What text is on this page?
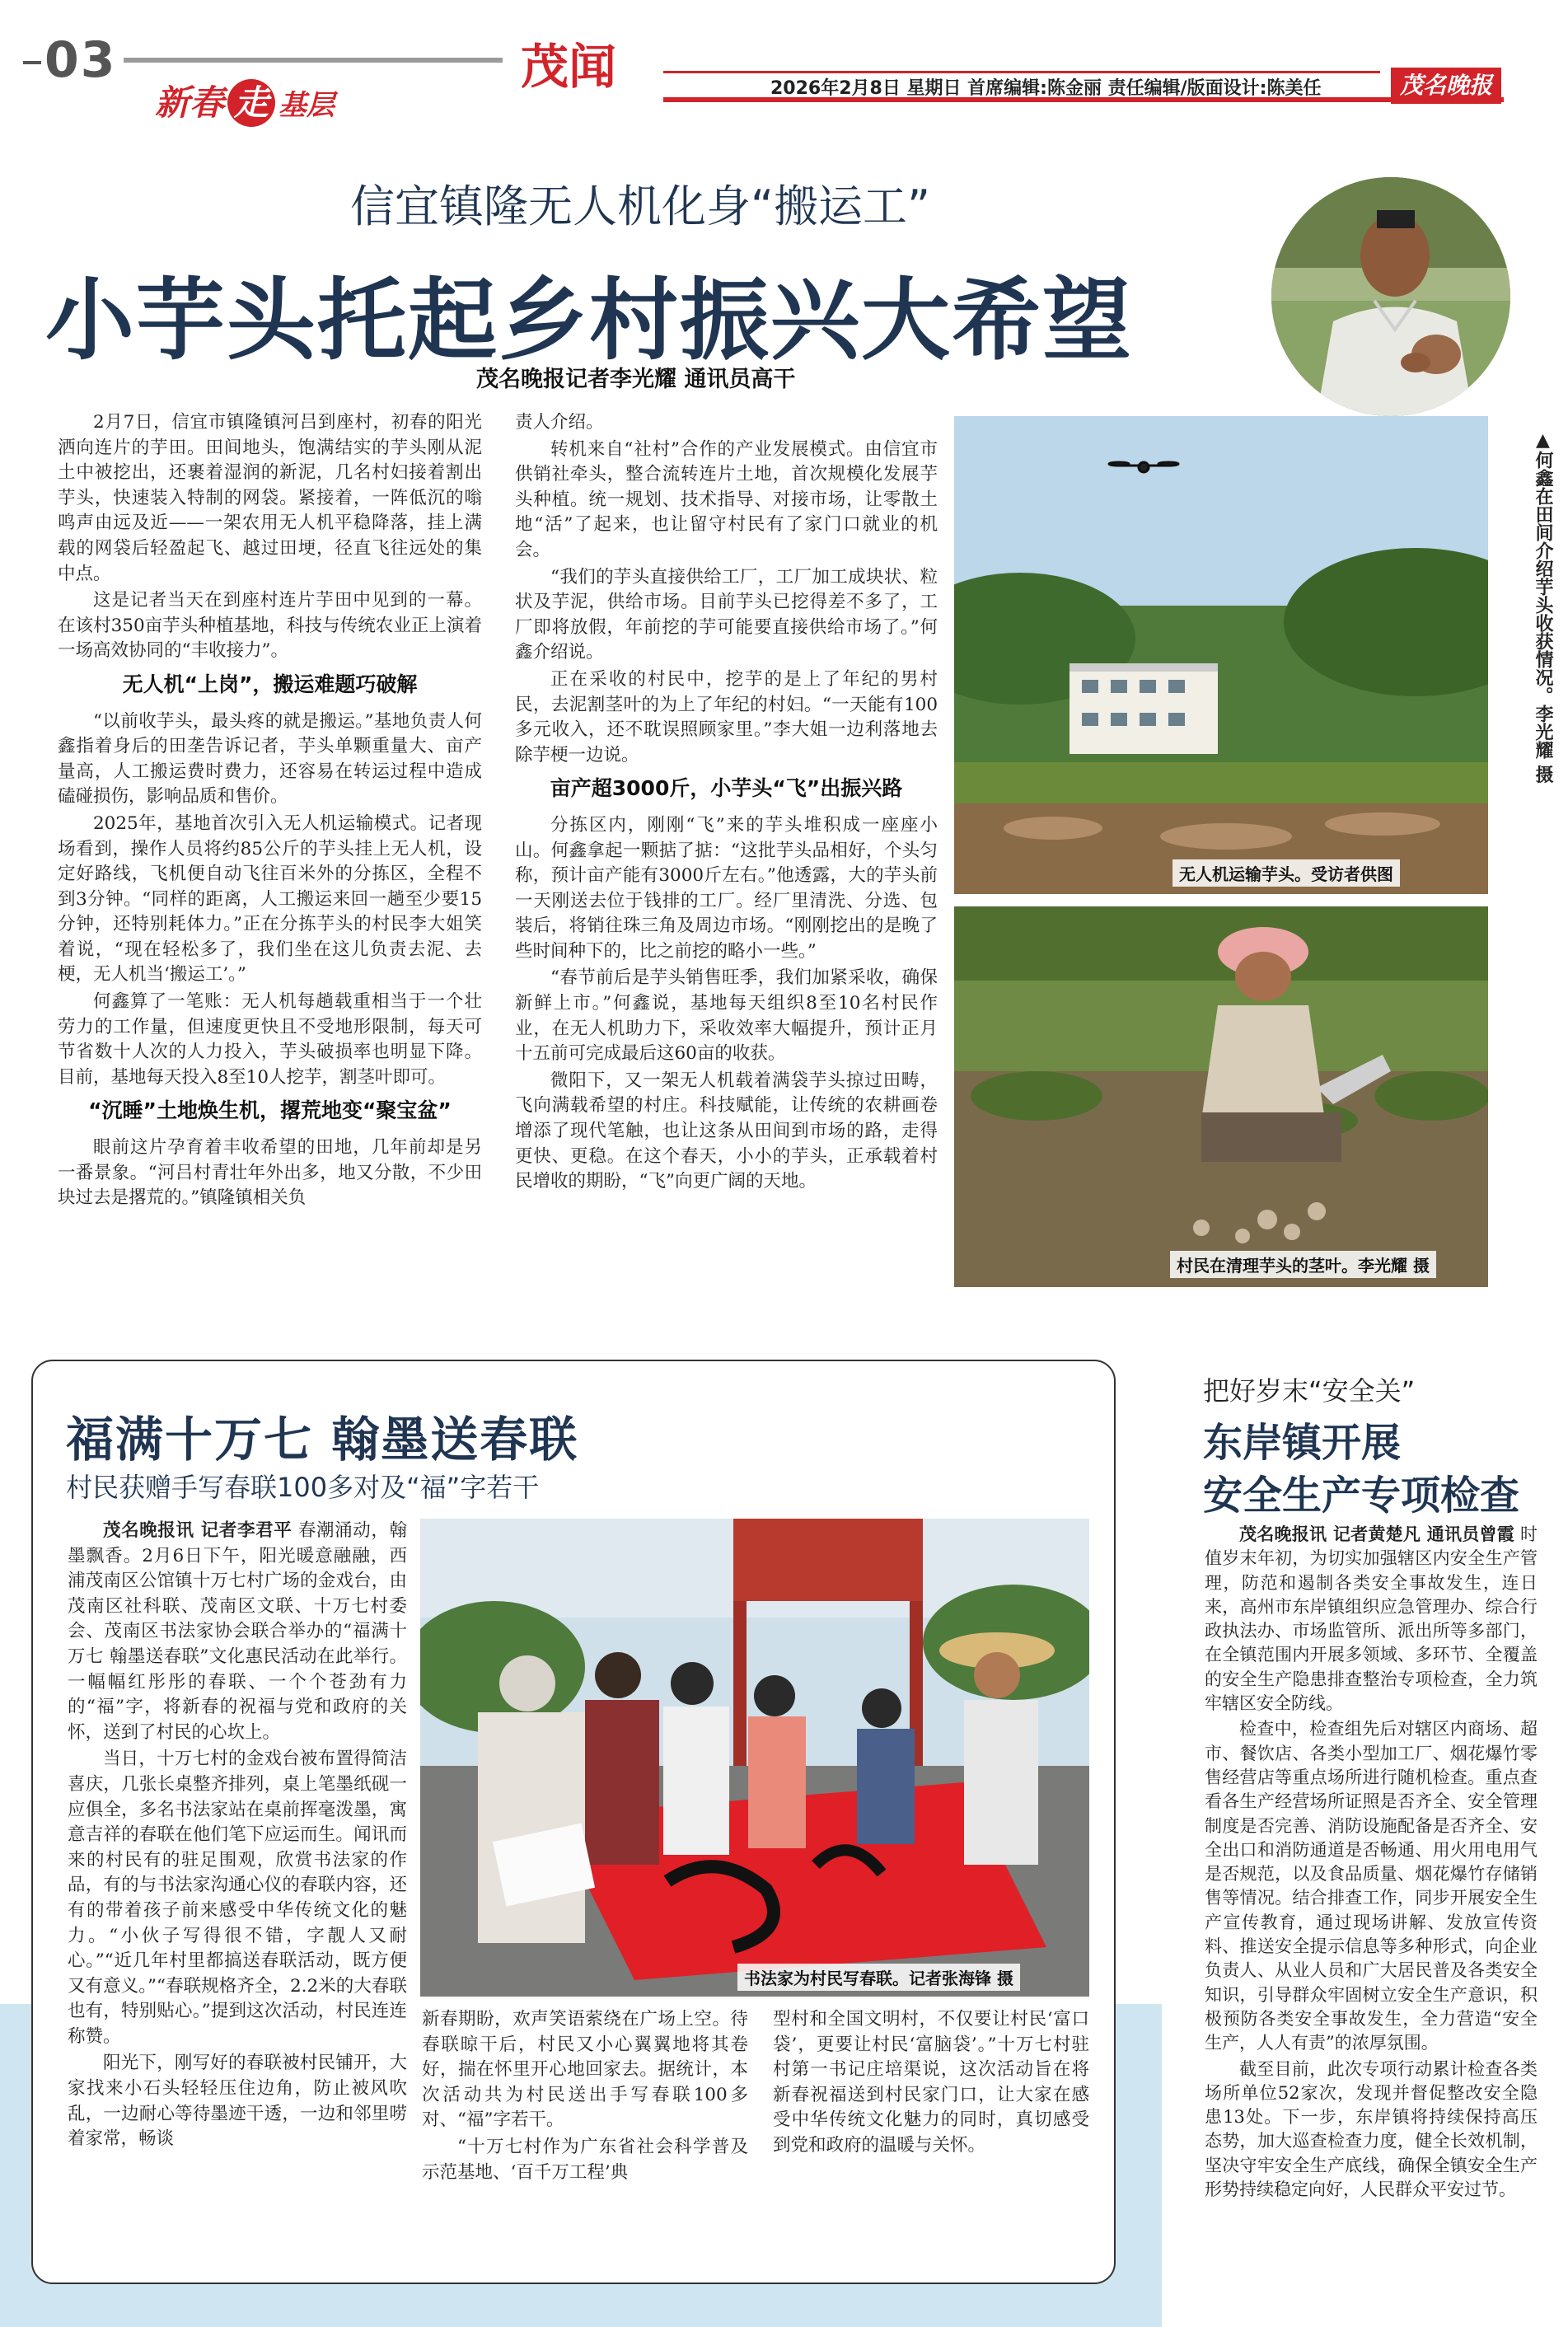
03
新春 走 基层
茂闻	2026年2月8日 星期日 首席编辑:陈金丽 责任编辑/版面设计:陈美任	茂名晚报
信宜镇隆无人机化身“搬运工”
小芋头托起乡村振兴大希望
茂名晚报记者李光耀 通讯员高干
▲何鑫在田间介绍芋头收获情况。李光耀 摄

2月7日，信宜市镇隆镇河吕到座村，初春的阳光洒向连片的芋田。田间地头，饱满结实的芋头刚从泥土中被挖出，还裹着湿润的新泥，几名村妇接着割出芋头，快速装入特制的网袋。紧接着，一阵低沉的嗡鸣声由远及近——一架农用无人机平稳降落，挂上满载的网袋后轻盈起飞、越过田埂，径直飞往远处的集中点。

这是记者当天在到座村连片芋田中见到的一幕。在该村350亩芋头种植基地，科技与传统农业正上演着一场高效协同的“丰收接力”。

无人机“上岗”，搬运难题巧破解

“以前收芋头，最头疼的就是搬运。”基地负责人何鑫指着身后的田垄告诉记者，芋头单颗重量大、亩产量高，人工搬运费时费力，还容易在转运过程中造成磕碰损伤，影响品质和售价。

2025年，基地首次引入无人机运输模式。记者现场看到，操作人员将约85公斤的芋头挂上无人机，设定好路线，飞机便自动飞往百米外的分拣区，全程不到3分钟。“同样的距离，人工搬运来回一趟至少要15分钟，还特别耗体力。”正在分拣芋头的村民李大姐笑着说，“现在轻松多了，我们坐在这儿负责去泥、去梗，无人机当‘搬运工’。”

何鑫算了一笔账：无人机每趟载重相当于一个壮劳力的工作量，但速度更快且不受地形限制，每天可节省数十人次的人力投入，芋头破损率也明显下降。目前，基地每天投入8至10人挖芋，割茎叶即可。

“沉睡”土地焕生机，撂荒地变“聚宝盆”

眼前这片孕育着丰收希望的田地，几年前却是另一番景象。“河吕村青壮年外出多，地又分散，不少田块过去是撂荒的。”镇隆镇相关负

责人介绍。

转机来自“社村”合作的产业发展模式。由信宜市供销社牵头，整合流转连片土地，首次规模化发展芋头种植。统一规划、技术指导、对接市场，让零散土地“活”了起来，也让留守村民有了家门口就业的机会。

“我们的芋头直接供给工厂，工厂加工成块状、粒状及芋泥，供给市场。目前芋头已挖得差不多了，工厂即将放假，年前挖的芋可能要直接供给市场了。”何鑫介绍说。

正在采收的村民中，挖芋的是上了年纪的男村民，去泥割茎叶的为上了年纪的村妇。“一天能有100多元收入，还不耽误照顾家里。”李大姐一边利落地去除芋梗一边说。

亩产超3000斤，小芋头“飞”出振兴路

分拣区内，刚刚“飞”来的芋头堆积成一座座小山。何鑫拿起一颗掂了掂：“这批芋头品相好，个头匀称，预计亩产能有3000斤左右。”他透露，大的芋头前一天刚送去位于钱排的工厂。经厂里清洗、分选、包装后，将销往珠三角及周边市场。“刚刚挖出的是晚了些时间种下的，比之前挖的略小一些。”

“春节前后是芋头销售旺季，我们加紧采收，确保新鲜上市。”何鑫说，基地每天组织8至10名村民作业，在无人机助力下，采收效率大幅提升，预计正月十五前可完成最后这60亩的收获。

微阳下，又一架无人机载着满袋芋头掠过田畴，飞向满载希望的村庄。科技赋能，让传统的农耕画卷增添了现代笔触，也让这条从田间到市场的路，走得更快、更稳。在这个春天，小小的芋头，正承载着村民增收的期盼，“飞”向更广阔的天地。

无人机运输芋头。受访者供图
村民在清理芋头的茎叶。李光耀 摄
福满十万七 翰墨送春联
村民获赠手写春联100多对及“福”字若干

茂名晚报讯 记者李君平 春潮涌动，翰墨飘香。2月6日下午，阳光暖意融融，西浦茂南区公馆镇十万七村广场的金戏台，由茂南区社科联、茂南区文联、十万七村委会、茂南区书法家协会联合举办的“福满十万七 翰墨送春联”文化惠民活动在此举行。一幅幅红彤彤的春联、一个个苍劲有力的“福”字，将新春的祝福与党和政府的关怀，送到了村民的心坎上。

当日，十万七村的金戏台被布置得简洁喜庆，几张长桌整齐排列，桌上笔墨纸砚一应俱全，多名书法家站在桌前挥毫泼墨，寓意吉祥的春联在他们笔下应运而生。闻讯而来的村民有的驻足围观，欣赏书法家的作品，有的与书法家沟通心仪的春联内容，还有的带着孩子前来感受中华传统文化的魅力。“小伙子写得很不错，字靓人又耐心。”“近几年村里都搞送春联活动，既方便又有意义。”“春联规格齐全，2.2米的大春联也有，特别贴心。”提到这次活动，村民连连称赞。

阳光下，刚写好的春联被村民铺开，大家找来小石头轻轻压住边角，防止被风吹乱，一边耐心等待墨迹干透，一边和邻里唠着家常，畅谈

书法家为村民写春联。记者张海锋 摄

新春期盼，欢声笑语萦绕在广场上空。待春联晾干后，村民又小心翼翼地将其卷好，揣在怀里开心地回家去。据统计，本次活动共为村民送出手写春联100多对、“福”字若干。

“十万七村作为广东省社会科学普及示范基地、‘百千万工程’典

型村和全国文明村，不仅要让村民‘富口袋’，更要让村民‘富脑袋’。”十万七村驻村第一书记庄培渠说，这次活动旨在将新春祝福送到村民家门口，让大家在感受中华传统文化魅力的同时，真切感受到党和政府的温暖与关怀。

把好岁末“安全关”
东岸镇开展
安全生产专项检查

茂名晚报讯 记者黄楚凡 通讯员曾霞 时值岁末年初，为切实加强辖区内安全生产管理，防范和遏制各类安全事故发生，连日来，高州市东岸镇组织应急管理办、综合行政执法办、市场监管所、派出所等多部门，在全镇范围内开展多领域、多环节、全覆盖的安全生产隐患排查整治专项检查，全力筑牢辖区安全防线。

检查中，检查组先后对辖区内商场、超市、餐饮店、各类小型加工厂、烟花爆竹零售经营店等重点场所进行随机检查。重点查看各生产经营场所证照是否齐全、安全管理制度是否完善、消防设施配备是否齐全、安全出口和消防通道是否畅通、用火用电用气是否规范，以及食品质量、烟花爆竹存储销售等情况。结合排查工作，同步开展安全生产宣传教育，通过现场讲解、发放宣传资料、推送安全提示信息等多种形式，向企业负责人、从业人员和广大居民普及各类安全知识，引导群众牢固树立安全生产意识，积极预防各类安全事故发生，全力营造“安全生产，人人有责”的浓厚氛围。

截至目前，此次专项行动累计检查各类场所单位52家次，发现并督促整改安全隐患13处。下一步，东岸镇将持续保持高压态势，加大巡查检查力度，健全长效机制，坚决守牢安全生产底线，确保全镇安全生产形势持续稳定向好，人民群众平安过节。
